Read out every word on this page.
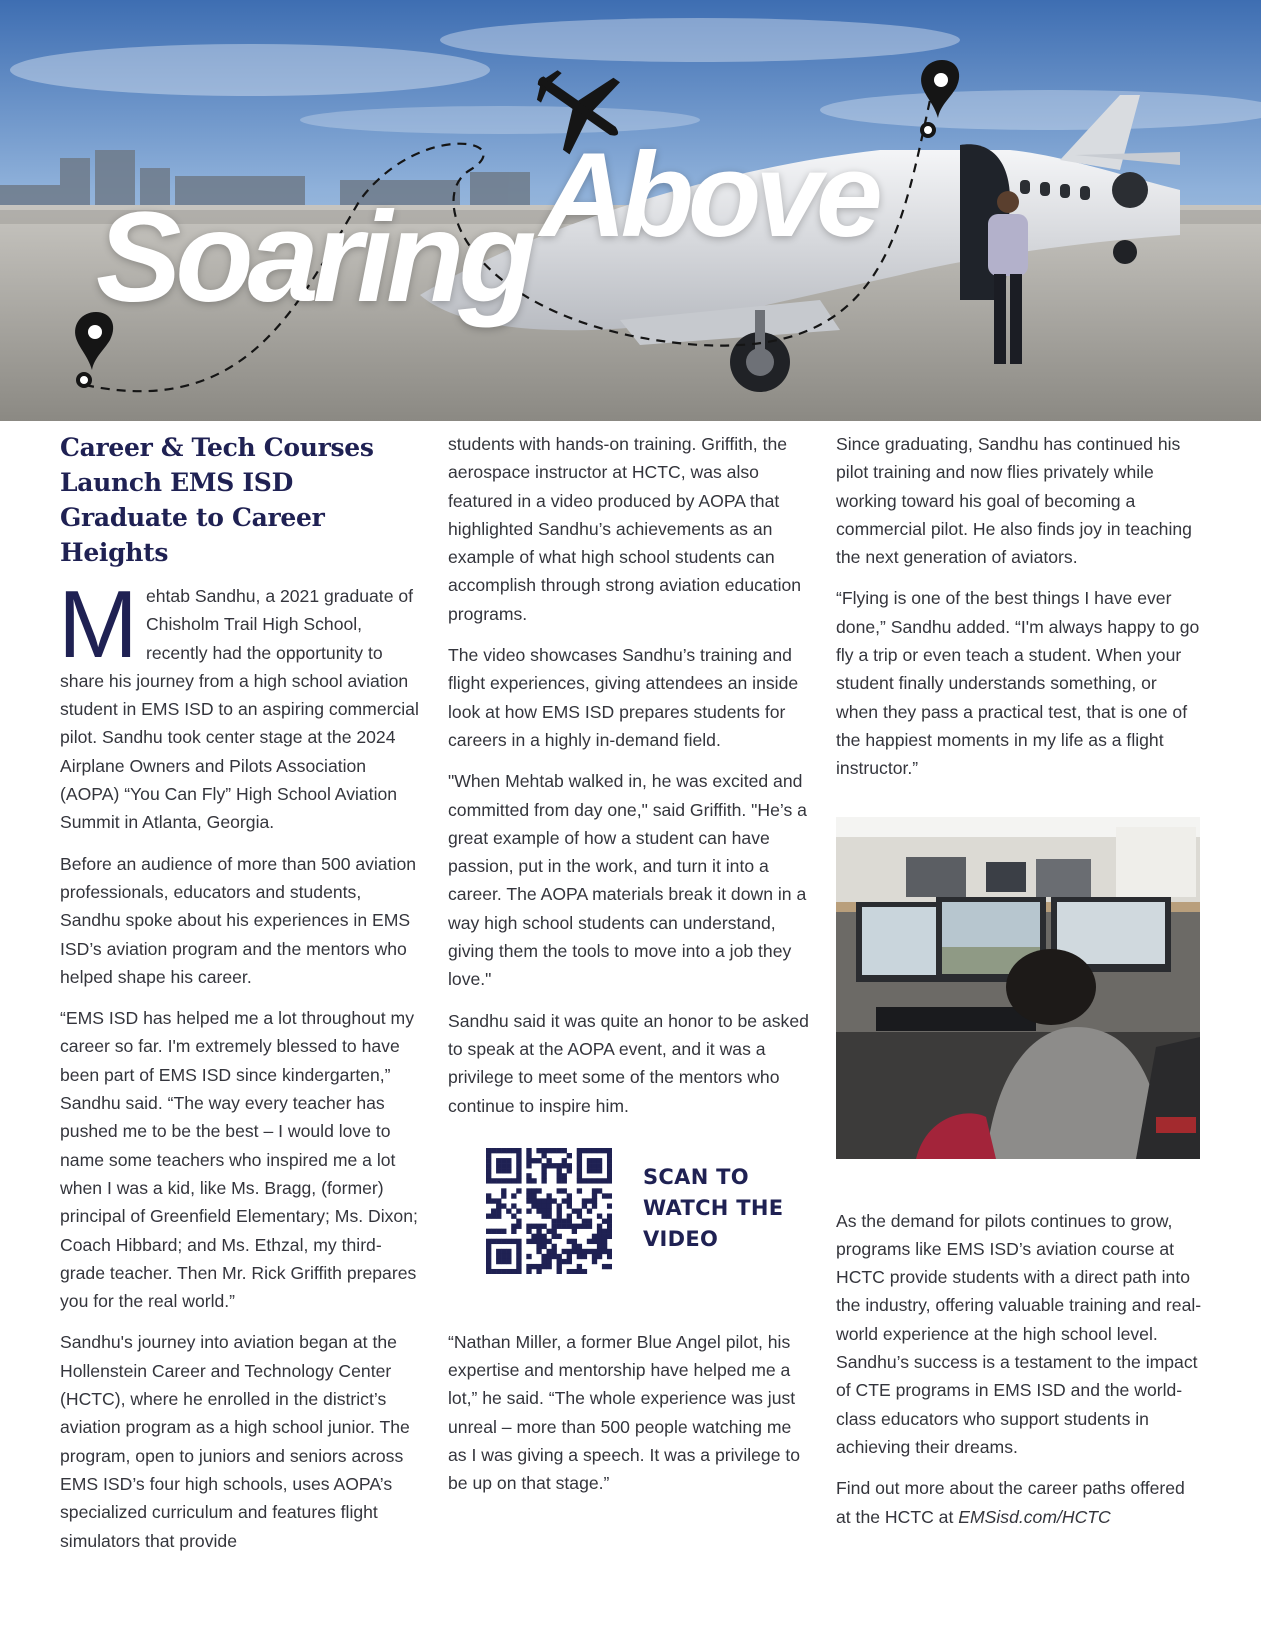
Soaring Above
Career & Tech Courses Launch EMS ISD Graduate to Career Heights

Mehtab Sandhu, a 2021 graduate of Chisholm Trail High School, recently had the opportunity to share his journey from a high school aviation student in EMS ISD to an aspiring commercial pilot. Sandhu took center stage at the 2024 Airplane Owners and Pilots Association (AOPA) “You Can Fly” High School Aviation Summit in Atlanta, Georgia.

Before an audience of more than 500 aviation professionals, educators and students, Sandhu spoke about his experiences in EMS ISD’s aviation program and the mentors who helped shape his career.

“EMS ISD has helped me a lot throughout my career so far. I'm extremely blessed to have been part of EMS ISD since kindergarten,” Sandhu said. “The way every teacher has pushed me to be the best – I would love to name some teachers who inspired me a lot when I was a kid, like Ms. Bragg, (former) principal of Greenfield Elementary; Ms. Dixon; Coach Hibbard; and Ms. Ethzal, my third-grade teacher. Then Mr. Rick Griffith prepares you for the real world.”

Sandhu's journey into aviation began at the Hollenstein Career and Technology Center (HCTC), where he enrolled in the district’s aviation program as a high school junior. The program, open to juniors and seniors across EMS ISD’s four high schools, uses AOPA’s specialized curriculum and features flight simulators that provide

students with hands-on training. Griffith, the aerospace instructor at HCTC, was also featured in a video produced by AOPA that highlighted Sandhu’s achievements as an example of what high school students can accomplish through strong aviation education programs.

The video showcases Sandhu’s training and flight experiences, giving attendees an inside look at how EMS ISD prepares students for careers in a highly in-demand field.

"When Mehtab walked in, he was excited and committed from day one," said Griffith. "He’s a great example of how a student can have passion, put in the work, and turn it into a career. The AOPA materials break it down in a way high school students can understand, giving them the tools to move into a job they love."

Sandhu said it was quite an honor to be asked to speak at the AOPA event, and it was a privilege to meet some of the mentors who continue to inspire him.

SCAN TO WATCH THE VIDEO

“Nathan Miller, a former Blue Angel pilot, his expertise and mentorship have helped me a lot,” he said. “The whole experience was just unreal – more than 500 people watching me as I was giving a speech. It was a privilege to be up on that stage.”

Since graduating, Sandhu has continued his pilot training and now flies privately while working toward his goal of becoming a commercial pilot. He also finds joy in teaching the next generation of aviators.

“Flying is one of the best things I have ever done,” Sandhu added. “I'm always happy to go fly a trip or even teach a student. When your student finally understands something, or when they pass a practical test, that is one of the happiest moments in my life as a flight instructor.”

As the demand for pilots continues to grow, programs like EMS ISD’s aviation course at HCTC provide students with a direct path into the industry, offering valuable training and real-world experience at the high school level. Sandhu’s success is a testament to the impact of CTE programs in EMS ISD and the world-class educators who support students in achieving their dreams.

Find out more about the career paths offered at the HCTC at EMSisd.com/HCTC
